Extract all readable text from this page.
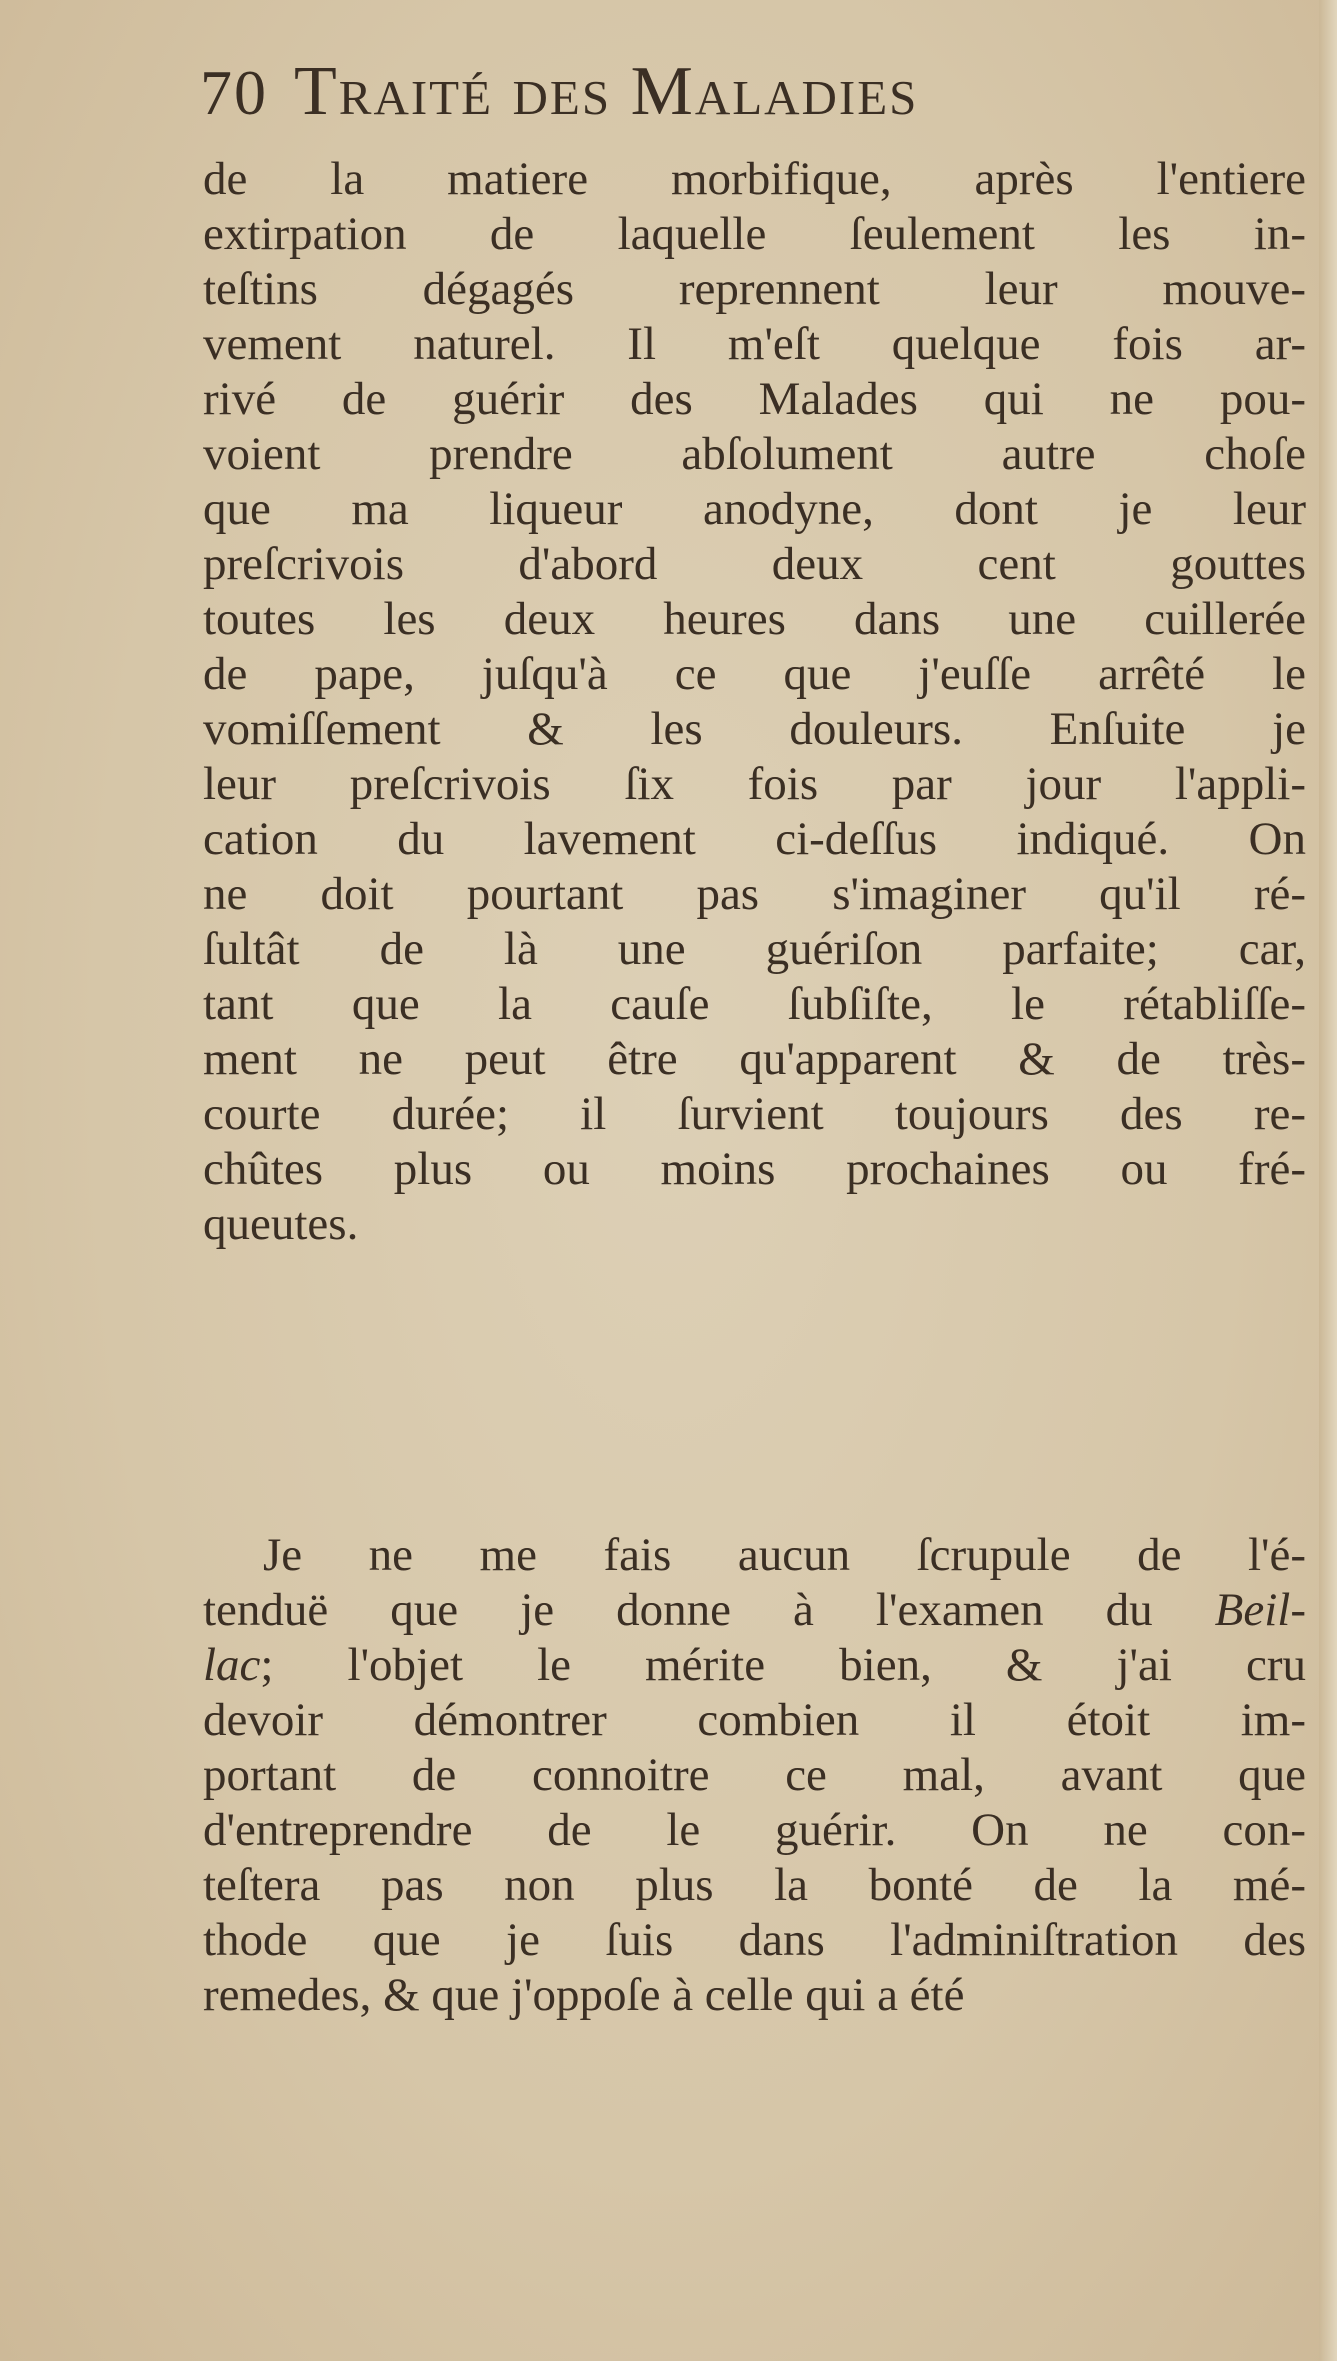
70 Traité des Maladies
de la matiere morbifique, après l'entiere
extirpation de laquelle ſeulement les in-
teſtins dégagés reprennent leur mouve-
vement naturel. Il m'eſt quelque fois ar-
rivé de guérir des Malades qui ne pou-
voient prendre abſolument autre choſe
que ma liqueur anodyne, dont je leur
preſcrivois d'abord deux cent gouttes
toutes les deux heures dans une cuillerée
de pape, juſqu'à ce que j'euſſe arrêté le
vomiſſement & les douleurs. Enſuite je
leur preſcrivois ſix fois par jour l'appli-
cation du lavement ci-deſſus indiqué. On
ne doit pourtant pas s'imaginer qu'il ré-
ſultât de là une guériſon parfaite; car,
tant que la cauſe ſubſiſte, le rétabliſſe-
ment ne peut être qu'apparent & de très-
courte durée; il ſurvient toujours des re-
chûtes plus ou moins prochaines ou fré-
queutes.
Je ne me fais aucun ſcrupule de l'é-
tenduë que je donne à l'examen du Beil-
lac; l'objet le mérite bien, & j'ai cru
devoir démontrer combien il étoit im-
portant de connoitre ce mal, avant que
d'entreprendre de le guérir. On ne con-
teſtera pas non plus la bonté de la mé-
thode que je ſuis dans l'adminiſtration des
remedes, & que j'oppoſe à celle qui a été
